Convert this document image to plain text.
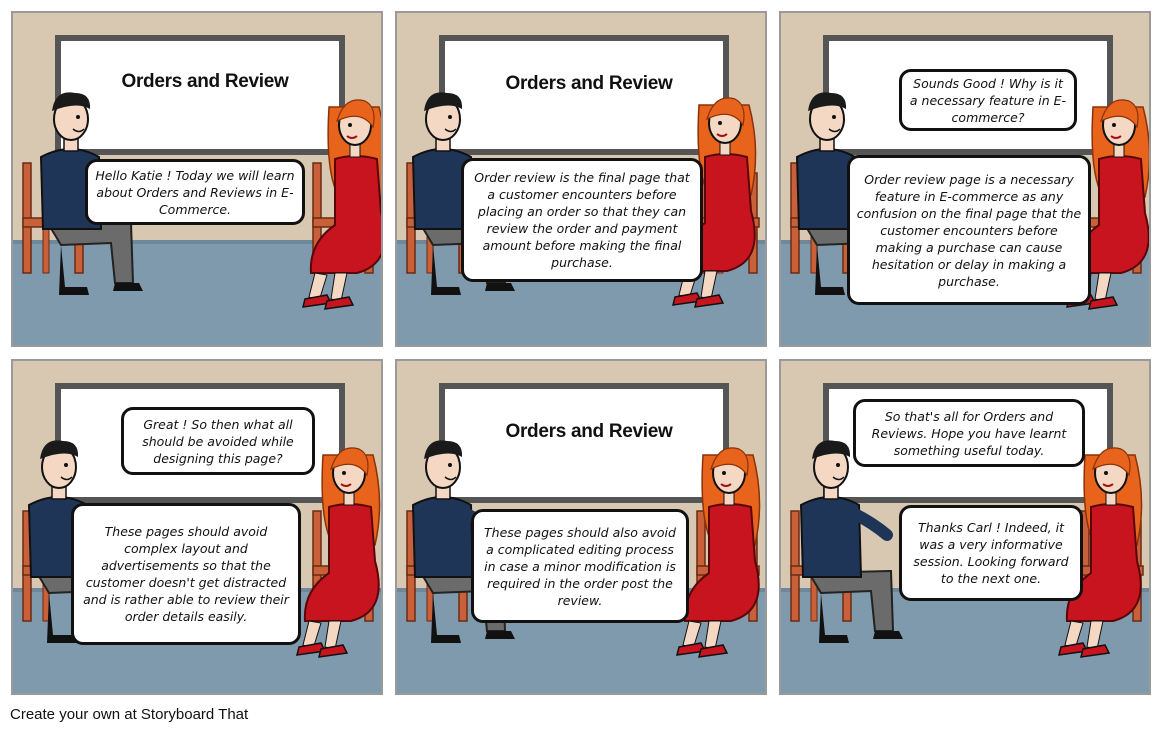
Orders and Review
Hello Katie ! Today we will learn about Orders and Reviews in E-Commerce.
Orders and Review
Order review is the final page that a customer encounters before placing an order so that they can review the order and payment amount before making the final purchase.
Sounds Good ! Why is it a necessary feature in E-commerce?
Order review page is a necessary feature in E-commerce as any confusion on the final page that the customer encounters before making a purchase can cause hesitation or delay in making a purchase.
Great ! So then what all should be avoided while designing this page?
These pages should avoid complex layout and advertisements so that the customer doesn't get distracted and is rather able to review their order details easily.
Orders and Review
These pages should also avoid a complicated editing process in case a minor modification is required in the order post the review.
So that's all for Orders and Reviews. Hope you have learnt something useful today.
Thanks Carl ! Indeed, it was a very informative session. Looking forward to the next one.
Create your own at Storyboard That
